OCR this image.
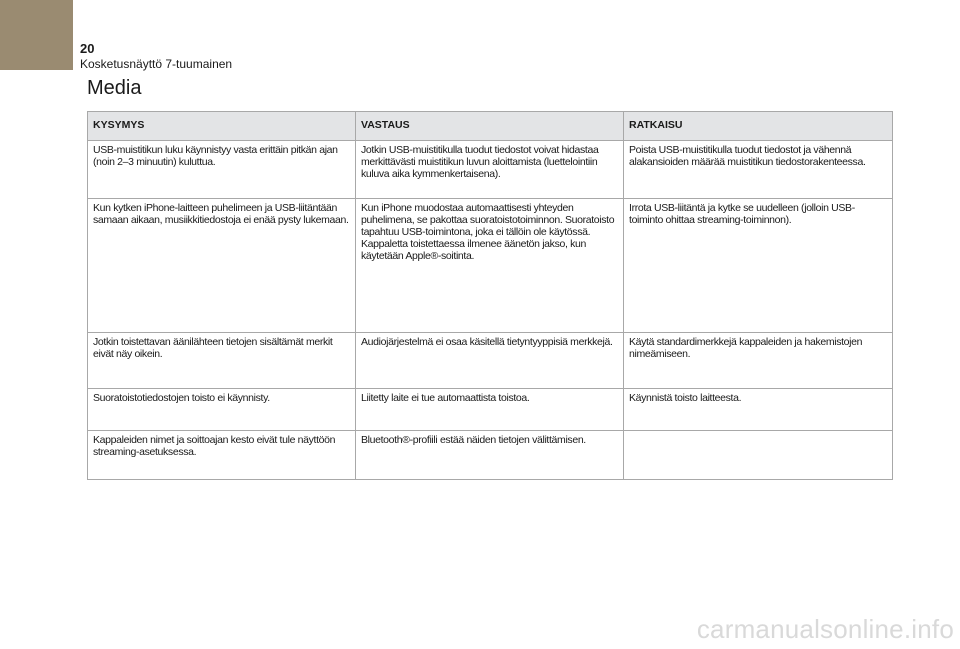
20
Kosketusnäyttö 7-tuumainen
Media
KYSYMYS	VASTAUS	RATKAISU

USB-muistitikun luku käynnistyy vasta erittäin pitkän ajan (noin 2–3 minuutin) kuluttua.	Jotkin USB-muistitikulla tuodut tiedostot voivat hidastaa merkittävästi muistitikun luvun aloittamista (luettelointiin kuluva aika kymmenkertaisena).	Poista USB-muistitikulla tuodut tiedostot ja vähennä alakansioiden määrää muistitikun tiedostorakenteessa.

Kun kytken iPhone-laitteen puhelimeen ja USB-liitäntään samaan aikaan, musiikkitiedostoja ei enää pysty lukemaan.	Kun iPhone muodostaa automaattisesti yhteyden puhelimena, se pakottaa suoratoistotoiminnon. Suoratoisto tapahtuu USB-toimintona, joka ei tällöin ole käytössä. Kappaletta toistettaessa ilmenee äänetön jakso, kun käytetään Apple®-soitinta.	Irrota USB-liitäntä ja kytke se uudelleen (jolloin USB-toiminto ohittaa streaming-toiminnon).

Jotkin toistettavan äänilähteen tietojen sisältämät merkit eivät näy oikein.	Audiojärjestelmä ei osaa käsitellä tietyntyyppisiä merkkejä.	Käytä standardimerkkejä kappaleiden ja hakemistojen nimeämiseen.

Suoratoistotiedostojen toisto ei käynnisty.	Liitetty laite ei tue automaattista toistoa.	Käynnistä toisto laitteesta.

Kappaleiden nimet ja soittoajan kesto eivät tule näyttöön streaming-asetuksessa.	Bluetooth®-profiili estää näiden tietojen välittämisen.	

carmanualsonline.info
